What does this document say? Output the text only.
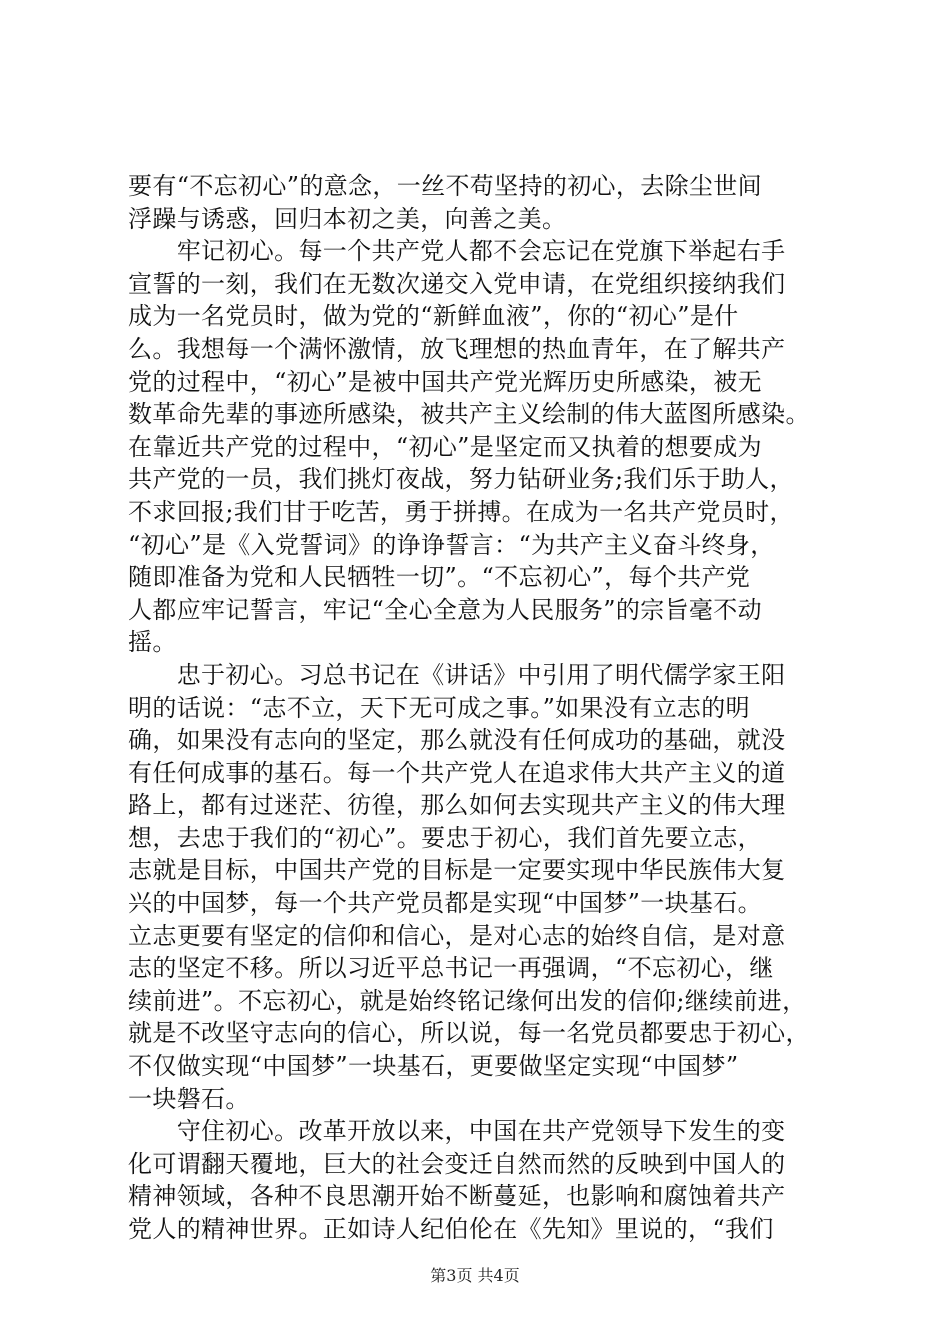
要有“不忘初心”的意念，一丝不苟坚持的初心，去除尘世间
浮躁与诱惑，回归本初之美，向善之美。
　　牢记初心。每一个共产党人都不会忘记在党旗下举起右手
宣誓的一刻，我们在无数次递交入党申请，在党组织接纳我们
成为一名党员时，做为党的“新鲜血液”，你的“初心”是什
么。我想每一个满怀激情，放飞理想的热血青年，在了解共产
党的过程中，“初心”是被中国共产党光辉历史所感染，被无
数革命先辈的事迹所感染，被共产主义绘制的伟大蓝图所感染。
在靠近共产党的过程中，“初心”是坚定而又执着的想要成为
共产党的一员，我们挑灯夜战，努力钻研业务;我们乐于助人，
不求回报;我们甘于吃苦，勇于拼搏。在成为一名共产党员时，
“初心”是《入党誓词》的诤诤誓言：“为共产主义奋斗终身，
随即准备为党和人民牺牲一切”。“不忘初心”，每个共产党
人都应牢记誓言，牢记“全心全意为人民服务”的宗旨毫不动
摇。
　　忠于初心。习总书记在《讲话》中引用了明代儒学家王阳
明的话说：“志不立，天下无可成之事。”如果没有立志的明
确，如果没有志向的坚定，那么就没有任何成功的基础，就没
有任何成事的基石。每一个共产党人在追求伟大共产主义的道
路上，都有过迷茫、彷徨，那么如何去实现共产主义的伟大理
想，去忠于我们的“初心”。要忠于初心，我们首先要立志，
志就是目标，中国共产党的目标是一定要实现中华民族伟大复
兴的中国梦，每一个共产党员都是实现“中国梦”一块基石。
立志更要有坚定的信仰和信心，是对心志的始终自信，是对意
志的坚定不移。所以习近平总书记一再强调，“不忘初心，继
续前进”。不忘初心，就是始终铭记缘何出发的信仰;继续前进，
就是不改坚守志向的信心，所以说，每一名党员都要忠于初心，
不仅做实现“中国梦”一块基石，更要做坚定实现“中国梦”
一块磐石。
　　守住初心。改革开放以来，中国在共产党领导下发生的变
化可谓翻天覆地，巨大的社会变迁自然而然的反映到中国人的
精神领域，各种不良思潮开始不断蔓延，也影响和腐蚀着共产
党人的精神世界。正如诗人纪伯伦在《先知》里说的，“我们
第3页 共4页
